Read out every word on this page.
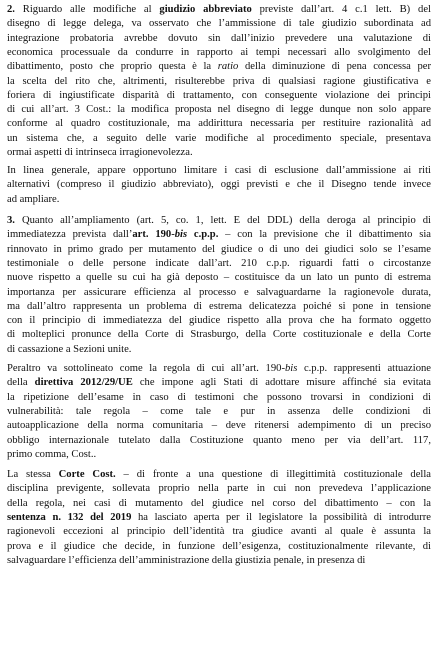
2. Riguardo alle modifiche al giudizio abbreviato previste dall’art. 4 c.1 lett. B) del
disegno di legge delega, va osservato che l’ammissione di tale giudizio subordinata ad
integrazione probatoria avrebbe dovuto sin dall’inizio prevedere una valutazione di
economica processuale da condurre in rapporto ai tempi necessari allo svolgimento del
dibattimento, posto che proprio questa è la ratio della diminuzione di pena concessa per
la scelta del rito che, altrimenti, risulterebbe priva di qualsiasi ragione giustificativa e
foriera di ingiustificate disparità di trattamento, con conseguente violazione dei principi
di cui all’art. 3 Cost.: la modifica proposta nel disegno di legge dunque non solo appare
conforme al quadro costituzionale, ma addirittura necessaria per restituire razionalità ad
un sistema che, a seguito delle varie modifiche al procedimento speciale, presentava
ormai aspetti di intrinseca irragionevolezza.
In linea generale, appare opportuno limitare i casi di esclusione dall’ammissione ai riti
alternativi (compreso il giudizio abbreviato), oggi previsti e che il Disegno tende invece
ad ampliare.
3. Quanto all’ampliamento (art. 5, co. 1, lett. E del DDL) della deroga al principio di
immediatezza prevista dall’art. 190-bis c.p.p. – con la previsione che il dibattimento sia
rinnovato in primo grado per mutamento del giudice o di uno dei giudici solo se l’esame
testimoniale o delle persone indicate dall’art. 210 c.p.p. riguardi fatti o circostanze
nuove rispetto a quelle su cui ha già deposto – costituisce da un lato un punto di estrema
importanza per assicurare efficienza al processo e salvaguardarne la ragionevole durata,
ma dall’altro rappresenta un problema di estrema delicatezza poiché si pone in tensione
con il principio di immediatezza del giudice rispetto alla prova che ha formato oggetto
di molteplici pronunce della Corte di Strasburgo, della Corte costituzionale e della Corte
di cassazione a Sezioni unite.
Peraltro va sottolineato come la regola di cui all’art. 190-bis c.p.p. rappresenti attuazione
della direttiva 2012/29/UE che impone agli Stati di adottare misure affinché sia evitata
la ripetizione dell’esame in caso di testimoni che possono trovarsi in condizioni di
vulnerabilità: tale regola – come tale e pur in assenza delle condizioni di
autoapplicazione della norma comunitaria – deve ritenersi adempimento di un preciso
obbligo internazionale tutelato dalla Costituzione quanto meno per via dell’art. 117,
primo comma, Cost..
La stessa Corte Cost. – di fronte a una questione di illegittimità costituzionale della
disciplina previgente, sollevata proprio nella parte in cui non prevedeva l’applicazione
della regola, nei casi di mutamento del giudice nel corso del dibattimento – con la
sentenza n. 132 del 2019 ha lasciato aperta per il legislatore la possibilità di introdurre
ragionevoli eccezioni al principio dell’identità tra giudice avanti al quale è assunta la
prova e il giudice che decide, in funzione dell’esigenza, costituzionalmente rilevante, di
salvaguardare l’efficienza dell’amministrazione della giustizia penale, in presenza di
